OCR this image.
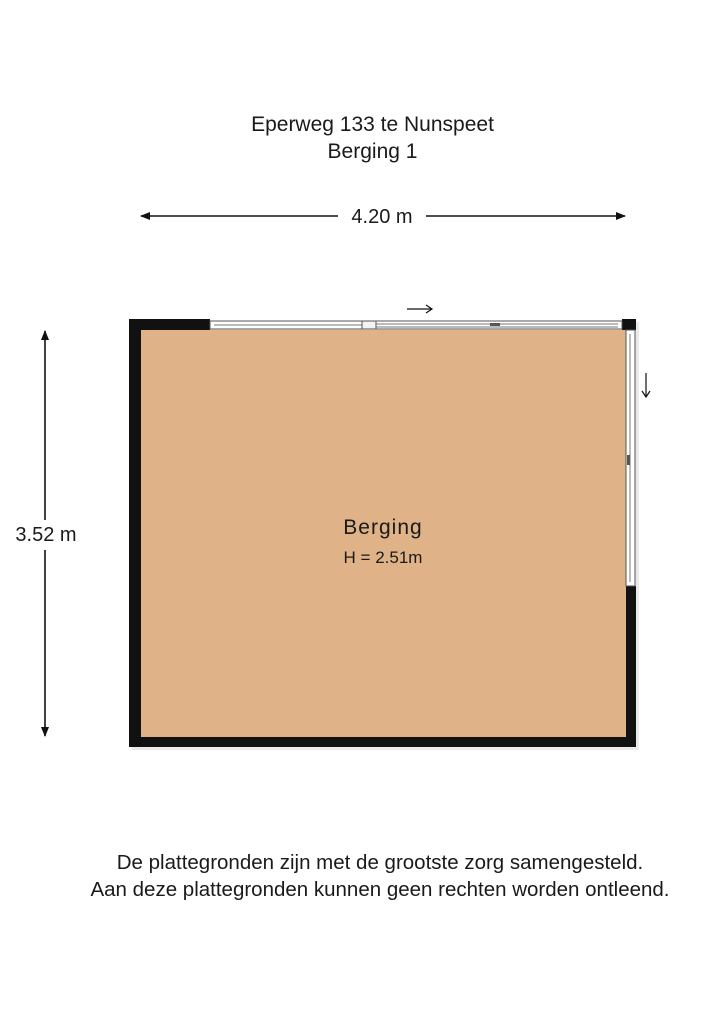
Eperweg 133 te Nunspeet
Berging 1
4.20 m
3.52 m	Berging
H = 2.51m
De plattegronden zijn met de grootste zorg samengesteld.
Aan deze plattegronden kunnen geen rechten worden ontleend.
